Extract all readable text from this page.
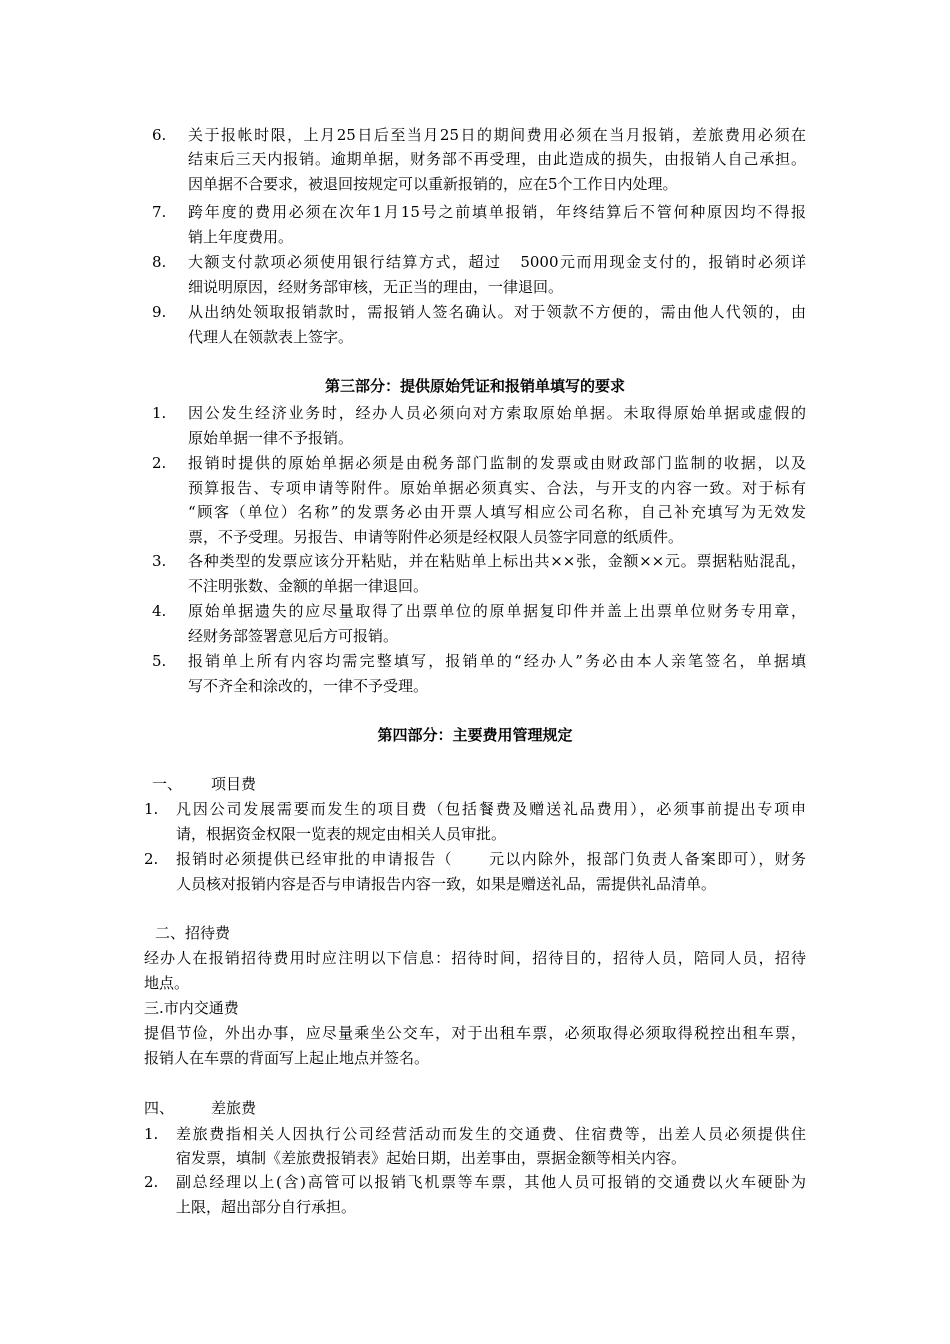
6. 关于报帐时限，上月25日后至当月25日的期间费用必须在当月报销，差旅费用必须在
结束后三天内报销。逾期单据，财务部不再受理，由此造成的损失，由报销人自己承担。
因单据不合要求，被退回按规定可以重新报销的，应在5个工作日内处理。
7. 跨年度的费用必须在次年1月15号之前填单报销，年终结算后不管何种原因均不得报
销上年度费用。
8. 大额支付款项必须使用银行结算方式，超过   5000元而用现金支付的，报销时必须详
细说明原因，经财务部审核，无正当的理由，一律退回。
9. 从出纳处领取报销款时，需报销人签名确认。对于领款不方便的，需由他人代领的，由
代理人在领款表上签字。
第三部分：提供原始凭证和报销单填写的要求
1. 因公发生经济业务时，经办人员必须向对方索取原始单据。未取得原始单据或虚假的
原始单据一律不予报销。
2. 报销时提供的原始单据必须是由税务部门监制的发票或由财政部门监制的收据，以及
预算报告、专项申请等附件。原始单据必须真实、合法，与开支的内容一致。对于标有
“顾客（单位）名称”的发票务必由开票人填写相应公司名称，自己补充填写为无效发
票，不予受理。另报告、申请等附件必须是经权限人员签字同意的纸质件。
3. 各种类型的发票应该分开粘贴，并在粘贴单上标出共××张，金额××元。票据粘贴混乱，
不注明张数、金额的单据一律退回。
4. 原始单据遗失的应尽量取得了出票单位的原单据复印件并盖上出票单位财务专用章，
经财务部签署意见后方可报销。
5. 报销单上所有内容均需完整填写，报销单的“经办人”务必由本人亲笔签名，单据填
写不齐全和涂改的，一律不予受理。
第四部分：主要费用管理规定
一、 项目费
1. 凡因公司发展需要而发生的项目费（包括餐费及赠送礼品费用），必须事前提出专项申
请，根据资金权限一览表的规定由相关人员审批。
2. 报销时必须提供已经审批的申请报告（      元以内除外，报部门负责人备案即可），财务
人员核对报销内容是否与申请报告内容一致，如果是赠送礼品，需提供礼品清单。
二、招待费
经办人在报销招待费用时应注明以下信息：招待时间，招待目的，招待人员，陪同人员，招待
地点。
三.市内交通费
提倡节俭，外出办事，应尽量乘坐公交车，对于出租车票，必须取得必须取得税控出租车票，
报销人在车票的背面写上起止地点并签名。
四、 差旅费
1. 差旅费指相关人因执行公司经营活动而发生的交通费、住宿费等，出差人员必须提供住
宿发票，填制《差旅费报销表》起始日期，出差事由，票据金额等相关内容。
2. 副总经理以上(含)高管可以报销飞机票等车票，其他人员可报销的交通费以火车硬卧为
上限，超出部分自行承担。
